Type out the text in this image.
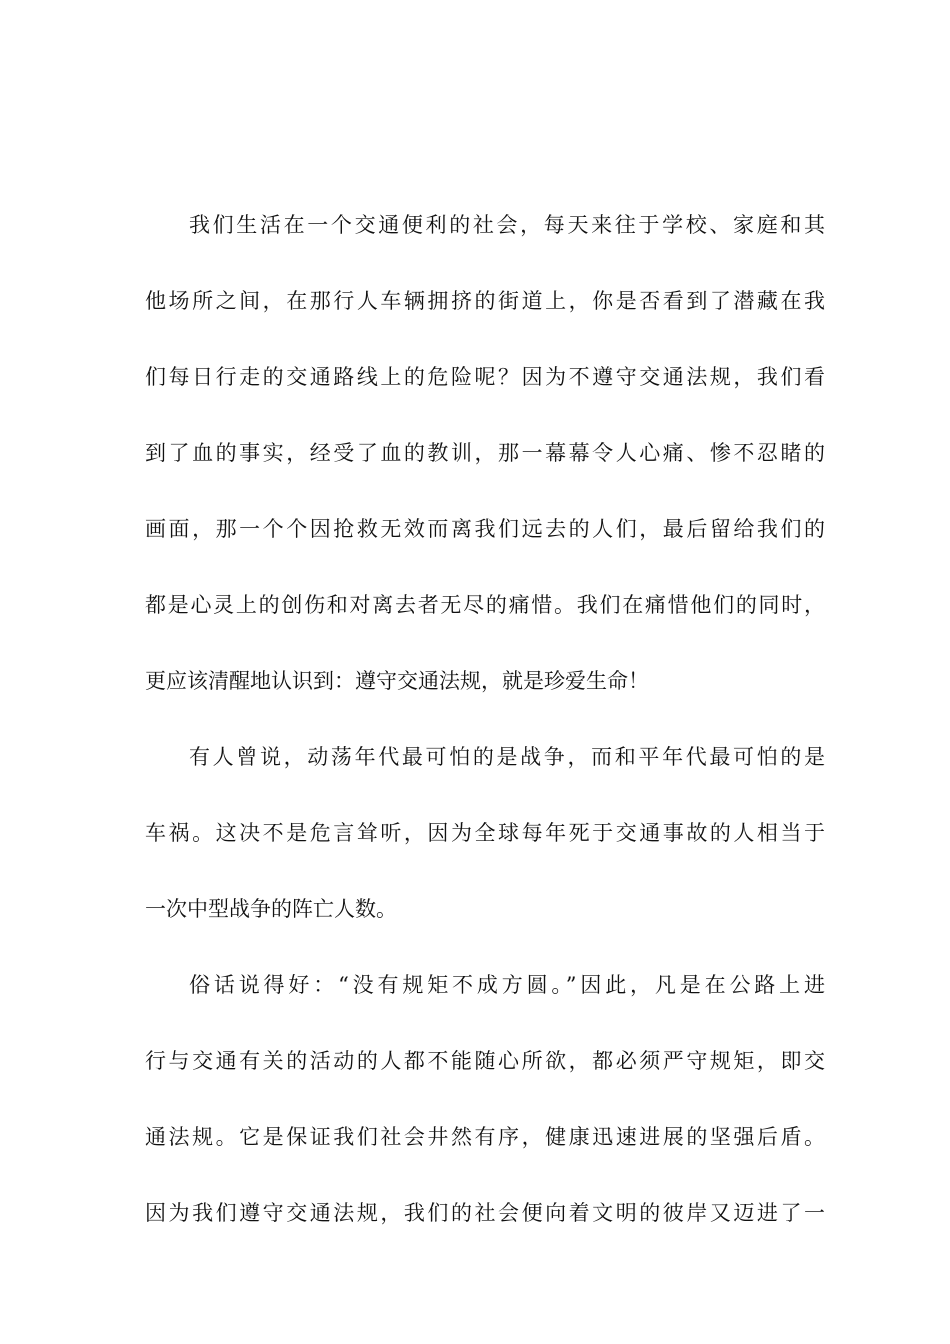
我们生活在一个交通便利的社会，每天来往于学校、家庭和其
他场所之间，在那行人车辆拥挤的街道上，你是否看到了潜藏在我
们每日行走的交通路线上的危险呢？因为不遵守交通法规，我们看
到了血的事实，经受了血的教训，那一幕幕令人心痛、惨不忍睹的
画面，那一个个因抢救无效而离我们远去的人们，最后留给我们的
都是心灵上的创伤和对离去者无尽的痛惜。我们在痛惜他们的同时，
更应该清醒地认识到：遵守交通法规，就是珍爱生命！
有人曾说，动荡年代最可怕的是战争，而和平年代最可怕的是
车祸。这决不是危言耸听，因为全球每年死于交通事故的人相当于
一次中型战争的阵亡人数。
俗话说得好：“没有规矩不成方圆。”因此，凡是在公路上进
行与交通有关的活动的人都不能随心所欲，都必须严守规矩，即交
通法规。它是保证我们社会井然有序，健康迅速进展的坚强后盾。
因为我们遵守交通法规，我们的社会便向着文明的彼岸又迈进了一
